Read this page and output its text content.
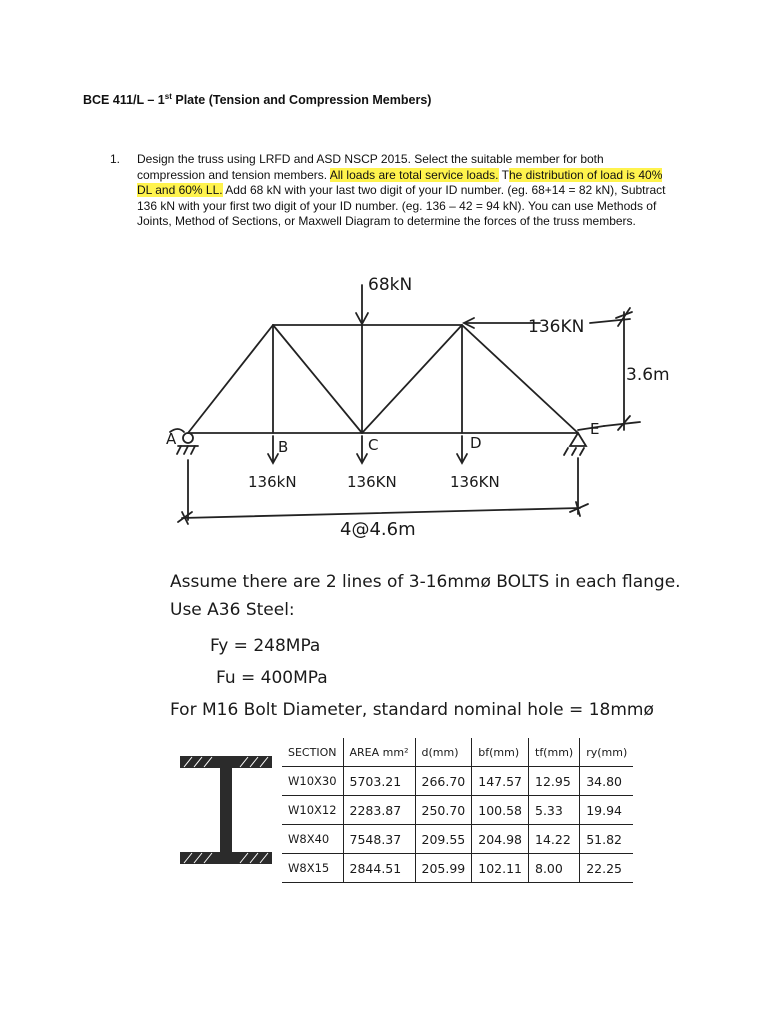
BCE 411/L – 1st Plate (Tension and Compression Members)
1. Design the truss using LRFD and ASD NSCP 2015. Select the suitable member for both compression and tension members. All loads are total service loads. The distribution of load is 40% DL and 60% LL. Add 68 kN with your last two digit of your ID number. (eg. 68+14 = 82 kN), Subtract 136 kN with your first two digit of your ID number. (eg. 136 – 42 = 94 kN). You can use Methods of Joints, Method of Sections, or Maxwell Diagram to determine the forces of the truss members.
68kN
136KN
3.6m
A	B	C	D
E
136kN	136KN	136KN
4@4.6m
Assume there are 2 lines of 3-16mmø BOLTS in each flange.
Use A36 Steel:
Fy = 248MPa
Fu = 400MPa
For M16 Bolt Diameter, standard nominal hole = 18mmø
SECTION	AREA mm²	d(mm)	bf(mm)	tf(mm)	ry(mm)
W10X30	5703.21	266.70	147.57	12.95	34.80
W10X12	2283.87	250.70	100.58	5.33	19.94
W8X40	7548.37	209.55	204.98	14.22	51.82
W8X15	2844.51	205.99	102.11	8.00	22.25
